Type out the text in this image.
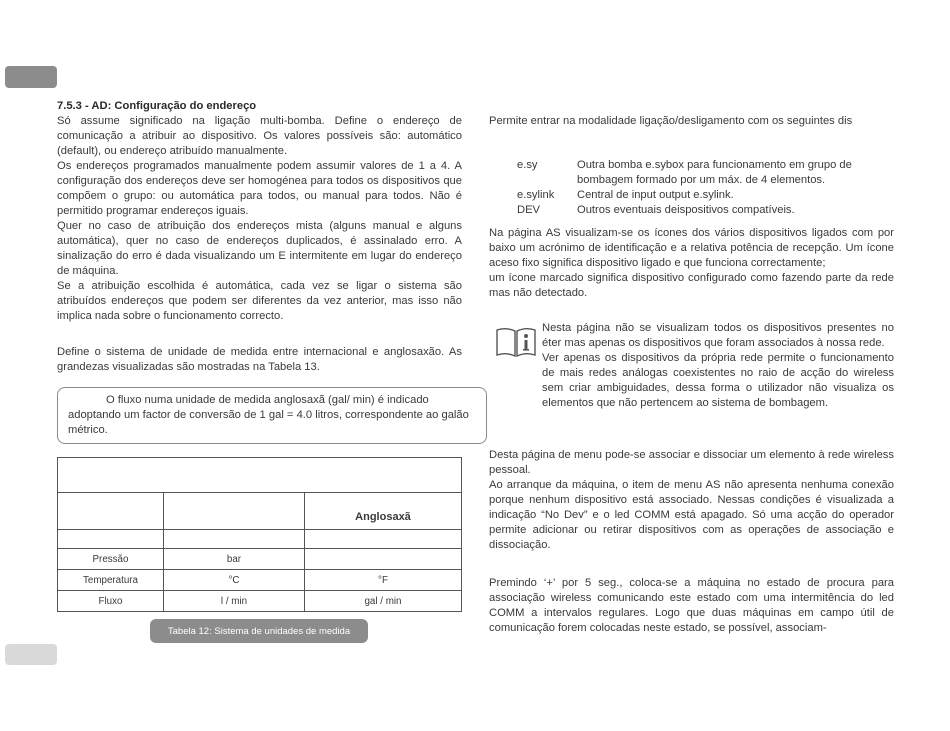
7.5.3 - AD: Configuração do endereço

Só assume significado na ligação multi-bomba. Define o endereço de comunicação a atribuir ao dispositivo. Os valores possíveis são: automático (default), ou endereço atribuído manualmente.

Os endereços programados manualmente podem assumir valores de 1 a 4. A configuração dos endereços deve ser homogénea para todos os dispositivos que compõem o grupo: ou automática para todos, ou manual para todos. Não é permitido programar endereços iguais.

Quer no caso de atribuição dos endereços mista (alguns manual e alguns automática), quer no caso de endereços duplicados, é assinalado erro. A sinalização do erro é dada visualizando um E intermitente em lugar do endereço de máquina.

Se a atribuição escolhida é automática, cada vez se ligar o sistema são atribuídos endereços que podem ser diferentes da vez anterior, mas isso não implica nada sobre o funcionamento correcto.

Define o sistema de unidade de medida entre internacional e anglosaxão. As grandezas visualizadas são mostradas na Tabela 13.

O fluxo numa unidade de medida anglosaxã (gal/ min) é indicado adoptando um factor de conversão de 1 gal = 4.0 litros, correspondente ao galão métrico.

		Anglosaxã

Pressão	bar	
Temperatura	°C	°F
Fluxo	l / min	gal / min
Tabela 12: Sistema de unidades de medida

Permite entrar na modalidade ligação/desligamento com os seguintes dis

e.sy	Outra bomba e.sybox para funcionamento em grupo de bombagem formado por um máx. de 4 elementos.
e.sylink Central de input output e.sylink.
DEV	Outros eventuais deispositivos compatíveis.

Na página AS visualizam-se os ícones dos vários dispositivos ligados com por baixo um acrónimo de identificação e a relativa potência de recepção. Um ícone aceso fixo significa dispositivo ligado e que funciona correctamente;

um ícone marcado significa dispositivo configurado como fazendo parte da rede mas não detectado.

Nesta página não se visualizam todos os dispositivos presentes no éter mas apenas os dispositivos que foram associados à nossa rede.
Ver apenas os dispositivos da própria rede permite o funcionamento de mais redes análogas coexistentes no raio de acção do wireless sem criar ambiguidades, dessa forma o utilizador não visualiza os elementos que não pertencem ao sistema de bombagem.

Desta página de menu pode-se associar e dissociar um elemento à rede wireless pessoal.

Ao arranque da máquina, o item de menu AS não apresenta nenhuma conexão porque nenhum dispositivo está associado. Nessas condições é visualizada a indicação “No Dev” e o led COMM está apagado. Só uma acção do operador permite adicionar ou retirar dispositivos com as operações de associação e dissociação.

Premindo ‘+’ por 5 seg., coloca-se a máquina no estado de procura para associação wireless comunicando este estado com uma intermitência do led COMM a intervalos regulares. Logo que duas máquinas em campo útil de comunicação forem colocadas neste estado, se possível, associam-
